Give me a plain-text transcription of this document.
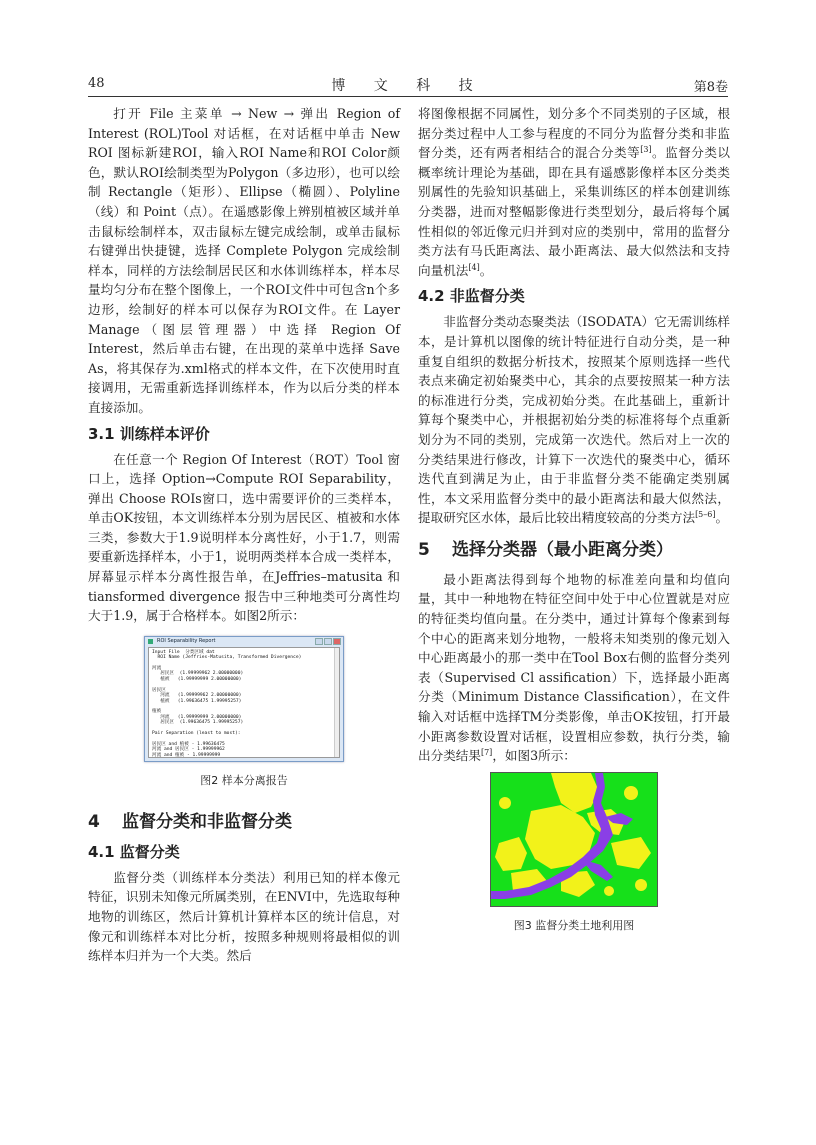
48	博 文 科 技	第8卷

打开 File 主菜单 → New → 弹出 Region of Interest (ROL)Tool 对话框，在对话框中单击 New ROI 图标新建ROI，输入ROI Name和ROI Color颜色，默认ROI绘制类型为Polygon（多边形），也可以绘制 Rectangle（矩形）、Ellipse（椭圆）、Polyline（线）和 Point（点）。在遥感影像上辨别植被区域并单击鼠标绘制样本，双击鼠标左键完成绘制，或单击鼠标右键弹出快捷键，选择 Complete Polygon 完成绘制样本，同样的方法绘制居民区和水体训练样本，样本尽量均匀分布在整个图像上，一个ROI文件中可包含n个多边形，绘制好的样本可以保存为ROI文件。在 Layer Manage（图层管理器）中选择 Region Of Interest，然后单击右键，在出现的菜单中选择 Save As，将其保存为.xml格式的样本文件，在下次使用时直接调用，无需重新选择训练样本，作为以后分类的样本直接添加。

3.1 训练样本评价

在任意一个 Region Of Interest（ROT）Tool 窗口上，选择 Option→Compute ROI Separability，弹出 Choose ROIs窗口，选中需要评价的三类样本，单击OK按钮，本文训练样本分别为居民区、植被和水体三类，参数大于1.9说明样本分离性好，小于1.7，则需要重新选择样本，小于1，说明两类样本合成一类样本，屏幕显示样本分离性报告单，在Jeffries–matusita 和 tiansformed divergence 报告中三种地类可分离性均大于1.9，属于合格样本。如图2所示：

ROI Separability Report
Input File  分类区域 dat
ROI Name (Jeffries-Matusita, Transformed Divergence)

河流
居民区  (1.99999962 2.00000000)
植被   (1.99999999 2.00000000)

居民区
河流   (1.99999962 2.00000000)
植被   (1.99636475 1.99995257)

植被
河流   (1.99999999 2.00000000)
居民区  (1.99636475 1.99995257)

Pair Separation (least to most):

居民区 and 植被 - 1.99636475
河流 and 居民区 - 1.99999962
河流 and 植被 - 1.99999999
图2 样本分离报告
4 监督分类和非监督分类
4.1 监督分类

监督分类（训练样本分类法）利用已知的样本像元特征，识别未知像元所属类别，在ENVI中，先选取每种地物的训练区，然后计算机计算样本区的统计信息，对像元和训练样本对比分析，按照多种规则将最相似的训练样本归并为一个大类。然后

将图像根据不同属性，划分多个不同类别的子区域，根据分类过程中人工参与程度的不同分为监督分类和非监督分类，还有两者相结合的混合分类等[3]。监督分类以概率统计理论为基础，即在具有遥感影像样本区分类类别属性的先验知识基础上，采集训练区的样本创建训练分类器，进而对整幅影像进行类型划分，最后将每个属性相似的邻近像元归并到对应的类别中，常用的监督分类方法有马氏距离法、最小距离法、最大似然法和支持向量机法[4]。

4.2 非监督分类

非监督分类动态聚类法（ISODATA）它无需训练样本，是计算机以图像的统计特征进行自动分类，是一种重复自组织的数据分析技术，按照某个原则选择一些代表点来确定初始聚类中心，其余的点要按照某一种方法的标准进行分类，完成初始分类。在此基础上，重新计算每个聚类中心，并根据初始分类的标准将每个点重新划分为不同的类别，完成第一次迭代。然后对上一次的分类结果进行修改，计算下一次迭代的聚类中心，循环迭代直到满足为止，由于非监督分类不能确定类别属性，本文采用监督分类中的最小距离法和最大似然法，提取研究区水体，最后比较出精度较高的分类方法[5–6]。

5 选择分类器（最小距离分类）

最小距离法得到每个地物的标准差向量和均值向量，其中一种地物在特征空间中处于中心位置就是对应的特征类均值向量。在分类中，通过计算每个像素到每个中心的距离来划分地物，一般将未知类别的像元划入中心距离最小的那一类中在Tool Box右侧的监督分类列表（Supervised Cl assification）下，选择最小距离分类（Minimum Distance Classification），在文件输入对话框中选择TM分类影像，单击OK按钮，打开最小距离参数设置对话框，设置相应参数，执行分类，输出分类结果[7]，如图3所示：

图3 监督分类土地利用图
